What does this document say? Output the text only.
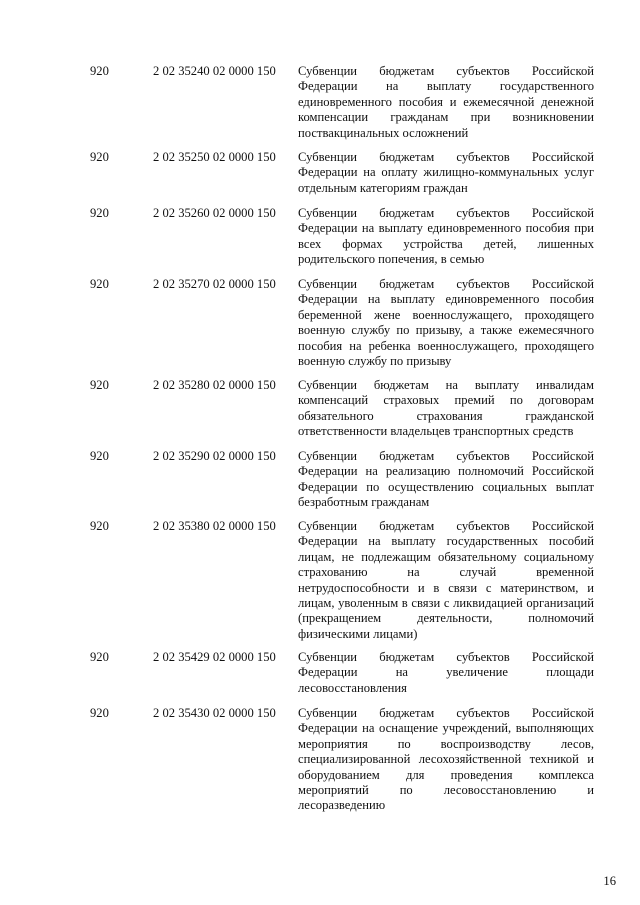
920	2 02 35240 02 0000 150 Субвенции бюджетам субъектов Российской Федерации на выплату государственного единовременного пособия и ежемесячной денежной компенсации гражданам при возникновении поствакцинальных осложнений
920	2 02 35250 02 0000 150 Субвенции бюджетам субъектов Российской Федерации на оплату жилищно-коммунальных услуг отдельным категориям граждан
920	2 02 35260 02 0000 150 Субвенции бюджетам субъектов Российской Федерации на выплату единовременного пособия при всех формах устройства детей, лишенных родительского попечения, в семью
920	2 02 35270 02 0000 150 Субвенции бюджетам субъектов Российской Федерации на выплату единовременного пособия беременной жене военнослужащего, проходящего военную службу по призыву, а также ежемесячного пособия на ребенка военнослужащего, проходящего военную службу по призыву
920	2 02 35280 02 0000 150 Субвенции бюджетам на выплату инвалидам компенсаций страховых премий по договорам обязательного страхования гражданской ответственности владельцев транспортных средств
920	2 02 35290 02 0000 150 Субвенции бюджетам субъектов Российской Федерации на реализацию полномочий Российской Федерации по осуществлению социальных выплат безработным гражданам
920	2 02 35380 02 0000 150 Субвенции бюджетам субъектов Российской Федерации на выплату государственных пособий лицам, не подлежащим обязательному социальному страхованию на случай временной нетрудоспособности и в связи с материнством, и лицам, уволенным в связи с ликвидацией организаций (прекращением деятельности, полномочий физическими лицами)
920	2 02 35429 02 0000 150 Субвенции бюджетам субъектов Российской Федерации на увеличение площади лесовосстановления
920	2 02 35430 02 0000 150 Субвенции бюджетам субъектов Российской Федерации на оснащение учреждений, выполняющих мероприятия по воспроизводству лесов, специализированной лесохозяйственной техникой и оборудованием для проведения комплекса мероприятий по лесовосстановлению и лесоразведению
16
